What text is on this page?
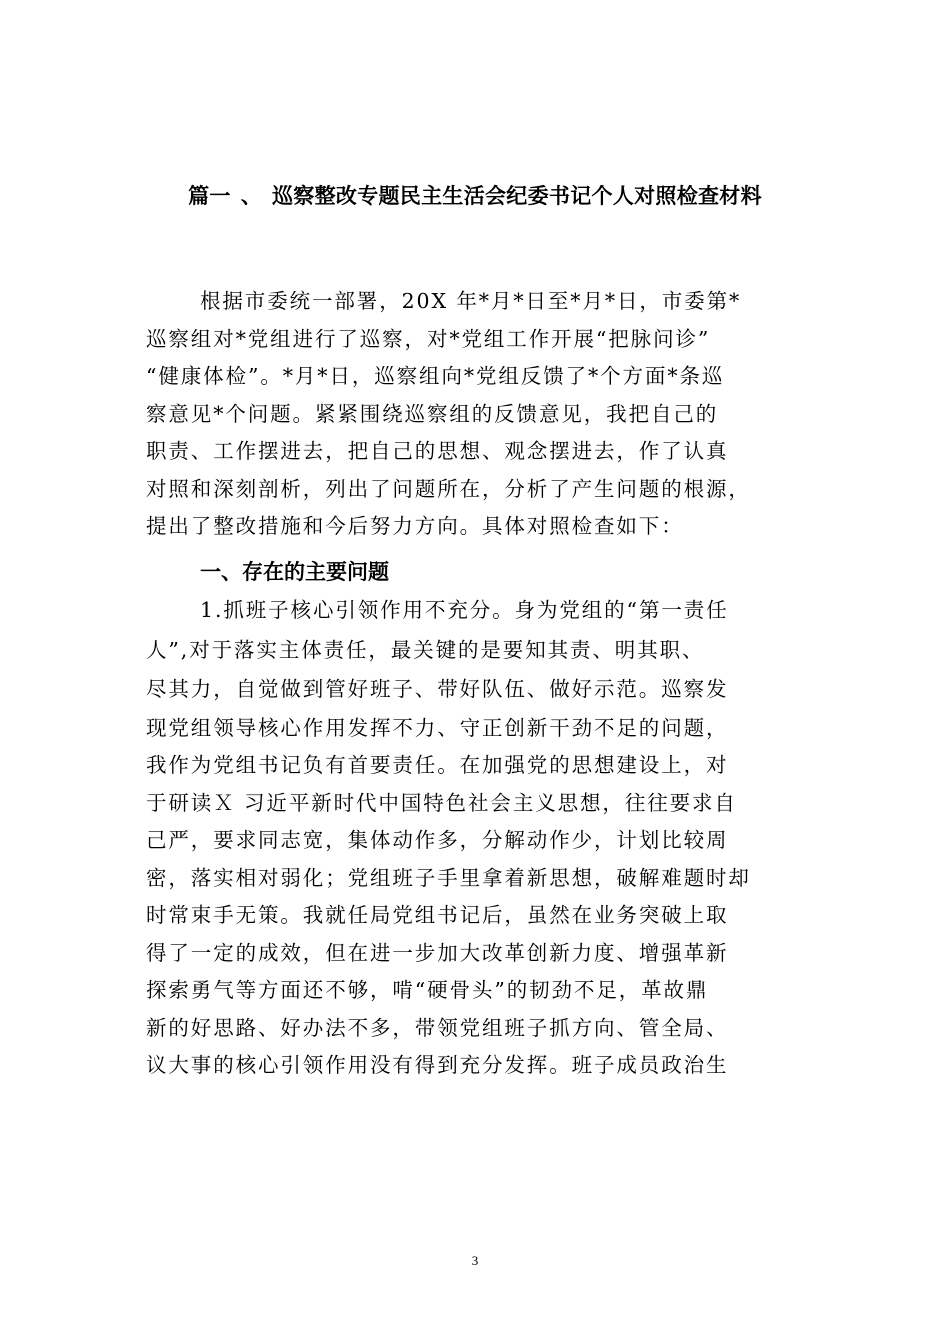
篇一 、 巡察整改专题民主生活会纪委书记个人对照检查材料
根据市委统一部署，20X 年*月*日至*月*日，市委第*
巡察组对*党组进行了巡察，对*党组工作开展“把脉问诊”
“健康体检”。*月*日，巡察组向*党组反馈了*个方面*条巡
察意见*个问题。紧紧围绕巡察组的反馈意见，我把自己的
职责、工作摆进去，把自己的思想、观念摆进去，作了认真
对照和深刻剖析，列出了问题所在，分析了产生问题的根源，
提出了整改措施和今后努力方向。具体对照检查如下：
一、存在的主要问题
1.抓班子核心引领作用不充分。身为党组的“第一责任
人”,对于落实主体责任，最关键的是要知其责、明其职、
尽其力，自觉做到管好班子、带好队伍、做好示范。巡察发
现党组领导核心作用发挥不力、守正创新干劲不足的问题，
我作为党组书记负有首要责任。在加强党的思想建设上，对
于研读Ｘ 习近平新时代中国特色社会主义思想，往往要求自
己严，要求同志宽，集体动作多，分解动作少，计划比较周
密，落实相对弱化；党组班子手里拿着新思想，破解难题时却
时常束手无策。我就任局党组书记后，虽然在业务突破上取
得了一定的成效，但在进一步加大改革创新力度、增强革新
探索勇气等方面还不够，啃“硬骨头”的韧劲不足，革故鼎
新的好思路、好办法不多，带领党组班子抓方向、管全局、
议大事的核心引领作用没有得到充分发挥。班子成员政治生
3
